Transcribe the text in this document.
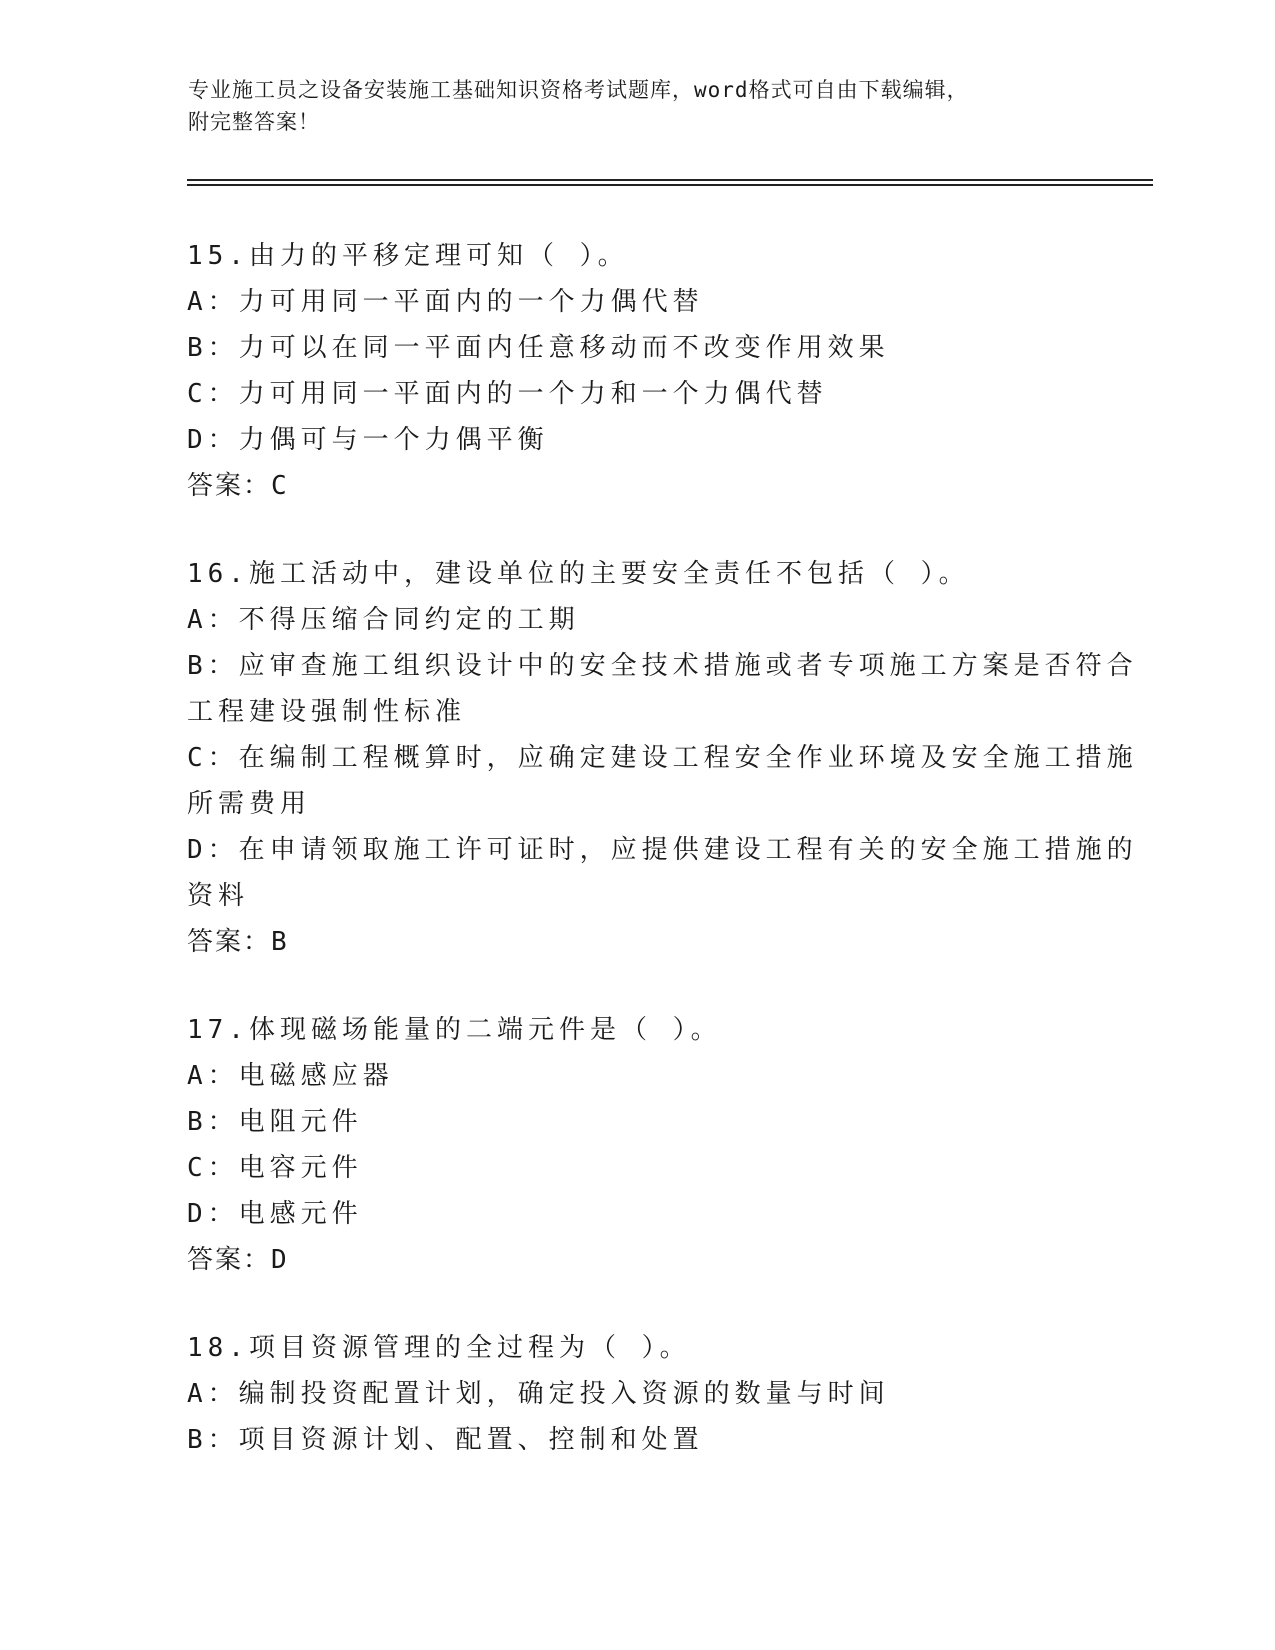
专业施工员之设备安装施工基础知识资格考试题库，word格式可自由下载编辑，
附完整答案！
15.由力的平移定理可知（ ）。
A：力可用同一平面内的一个力偶代替
B：力可以在同一平面内任意移动而不改变作用效果
C：力可用同一平面内的一个力和一个力偶代替
D：力偶可与一个力偶平衡
答案：C
16.施工活动中，建设单位的主要安全责任不包括（ ）。
A：不得压缩合同约定的工期
B：应审查施工组织设计中的安全技术措施或者专项施工方案是否符合
工程建设强制性标准
C：在编制工程概算时，应确定建设工程安全作业环境及安全施工措施
所需费用
D：在申请领取施工许可证时，应提供建设工程有关的安全施工措施的
资料
答案：B
17.体现磁场能量的二端元件是（ ）。
A：电磁感应器
B：电阻元件
C：电容元件
D：电感元件
答案：D
18.项目资源管理的全过程为（ ）。
A：编制投资配置计划，确定投入资源的数量与时间
B：项目资源计划、配置、控制和处置
